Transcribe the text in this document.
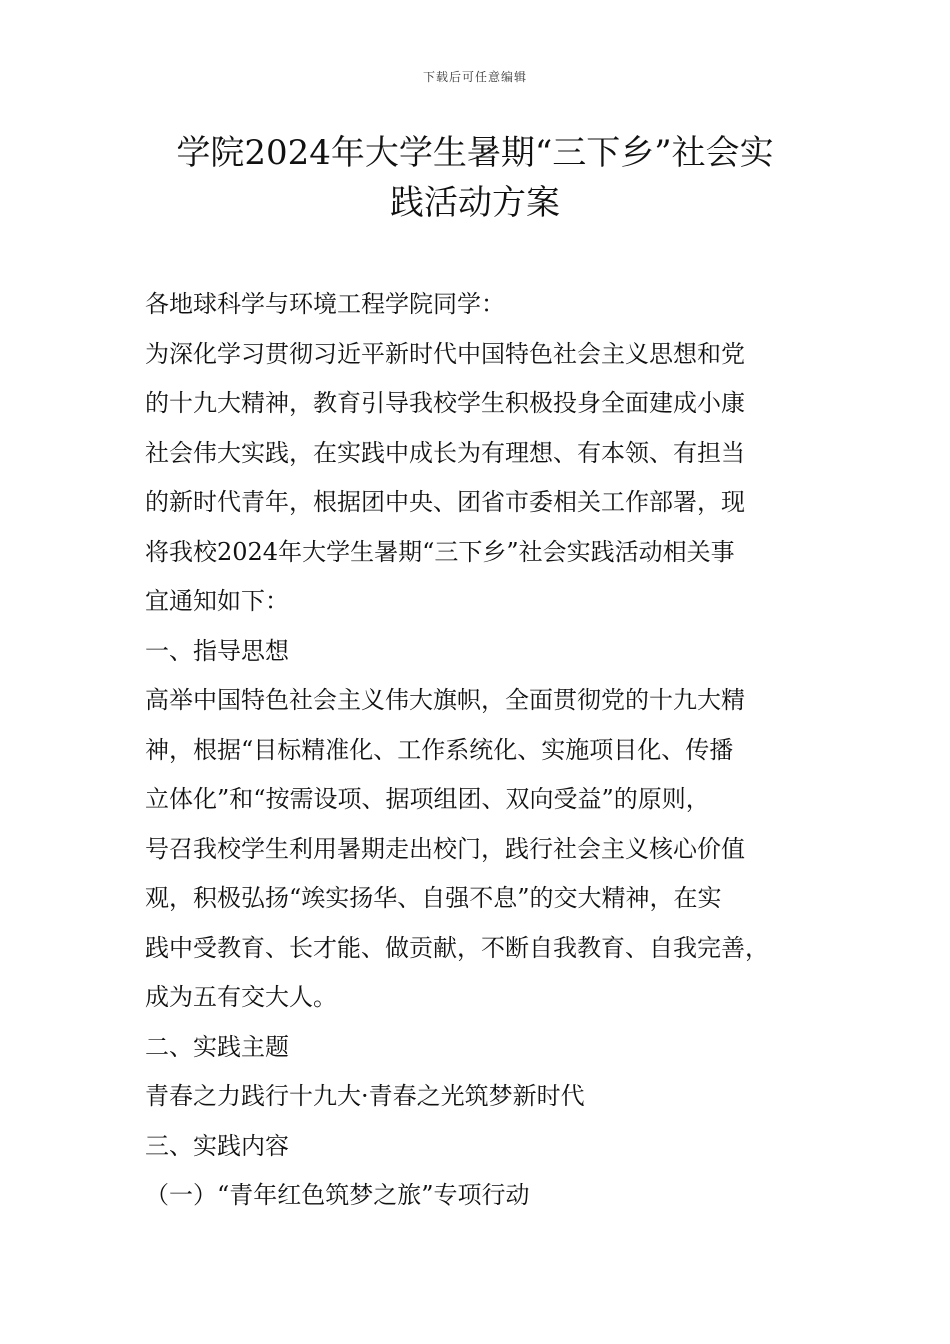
下载后可任意编辑
学院2024年大学生暑期“三下乡”社会实
践活动方案

各地球科学与环境工程学院同学：

为深化学习贯彻习近平新时代中国特色社会主义思想和党
的十九大精神，教育引导我校学生积极投身全面建成小康
社会伟大实践，在实践中成长为有理想、有本领、有担当
的新时代青年，根据团中央、团省市委相关工作部署，现
将我校2024年大学生暑期“三下乡”社会实践活动相关事
宜通知如下：

一、指导思想

高举中国特色社会主义伟大旗帜，全面贯彻党的十九大精
神，根据“目标精准化、工作系统化、实施项目化、传播
立体化”和“按需设项、据项组团、双向受益”的原则，
号召我校学生利用暑期走出校门，践行社会主义核心价值
观，积极弘扬“竢实扬华、自强不息”的交大精神，在实
践中受教育、长才能、做贡献，不断自我教育、自我完善，
成为五有交大人。

二、实践主题

青春之力践行十九大·青春之光筑梦新时代

三、实践内容

（一）“青年红色筑梦之旅”专项行动
